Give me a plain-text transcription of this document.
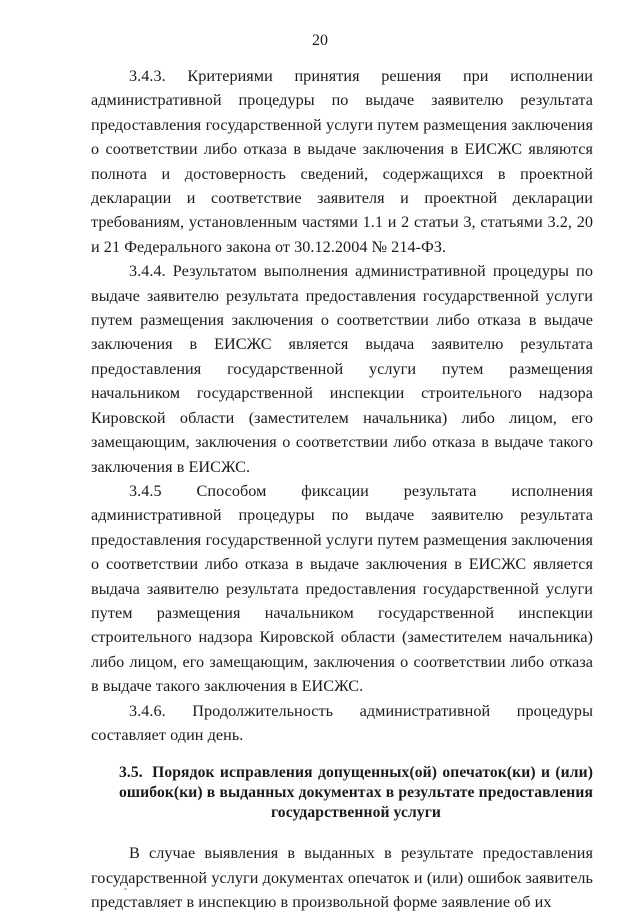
20

3.4.3. Критериями принятия решения при исполнении административной процедуры по выдаче заявителю результата предоставления государственной услуги путем размещения заключения о соответствии либо отказа в выдаче заключения в ЕИСЖС являются полнота и достоверность сведений, содержащихся в проектной декларации и соответствие заявителя и проектной декларации требованиям, установленным частями 1.1 и 2 статьи 3, статьями 3.2, 20 и 21 Федерального закона от 30.12.2004 № 214-ФЗ.

3.4.4. Результатом выполнения административной процедуры по выдаче заявителю результата предоставления государственной услуги путем размещения заключения о соответствии либо отказа в выдаче заключения в ЕИСЖС является выдача заявителю результата предоставления государственной услуги путем размещения начальником государственной инспекции строительного надзора Кировской области (заместителем начальника) либо лицом, его замещающим, заключения о соответствии либо отказа в выдаче такого заключения в ЕИСЖС.

3.4.5 Способом фиксации результата исполнения административной процедуры по выдаче заявителю результата предоставления государственной услуги путем размещения заключения о соответствии либо отказа в выдаче заключения в ЕИСЖС является выдача заявителю результата предоставления государственной услуги путем размещения начальником государственной инспекции строительного надзора Кировской области (заместителем начальника) либо лицом, его замещающим, заключения о соответствии либо отказа в выдаче такого заключения в ЕИСЖС.

3.4.6. Продолжительность административной процедуры составляет один день.

3.5. Порядок исправления допущенных(ой) опечаток(ки) и (или) ошибок(ки) в выданных документах в результате предоставления государственной услуги

В случае выявления в выданных в результате предоставления государственной услуги документах опечаток и (или) ошибок заявитель представляет в инспекцию в произвольной форме заявление об их
